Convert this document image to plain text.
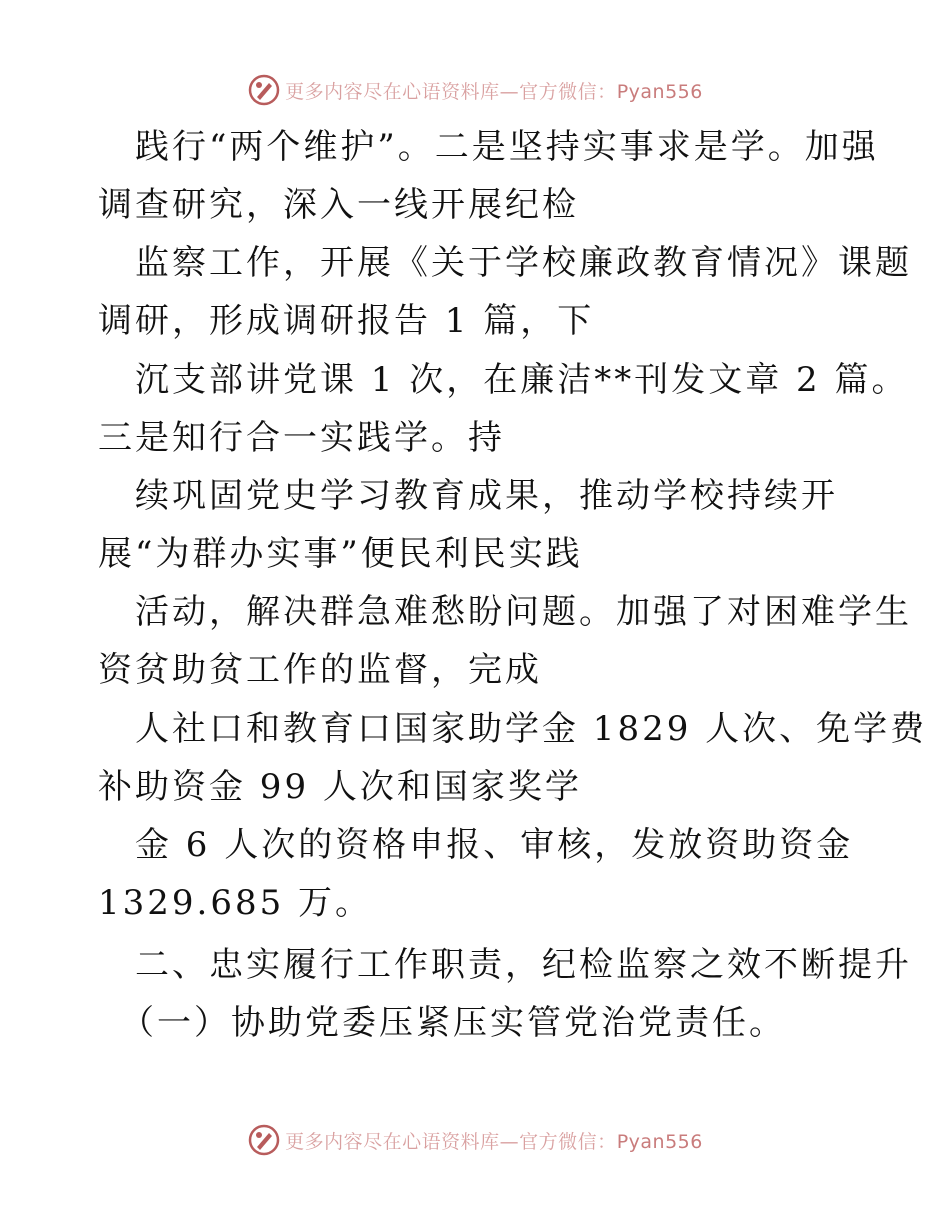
更多内容尽在心语资料库—官方微信：Pyan556
践行“两个维护”。二是坚持实事求是学。加强
调查研究，深入一线开展纪检
监察工作，开展《关于学校廉政教育情况》课题
调研，形成调研报告 1 篇，下
沉支部讲党课 1 次，在廉洁**刊发文章 2 篇。
三是知行合一实践学。持
续巩固党史学习教育成果，推动学校持续开
展“为群办实事”便民利民实践
活动，解决群急难愁盼问题。加强了对困难学生
资贫助贫工作的监督，完成
人社口和教育口国家助学金 1829 人次、免学费
补助资金 99 人次和国家奖学
金 6 人次的资格申报、审核，发放资助资金
1329.685 万。
二、忠实履行工作职责，纪检监察之效不断提升
（一）协助党委压紧压实管党治党责任。
更多内容尽在心语资料库—官方微信：Pyan556
